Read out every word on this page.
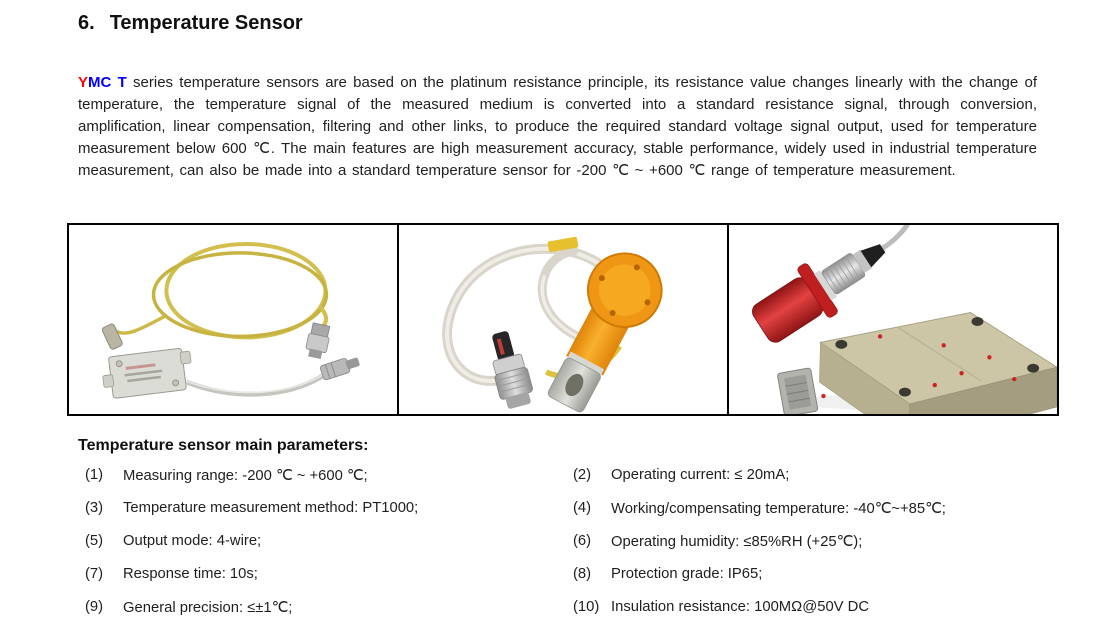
6. Temperature Sensor

YMC T series temperature sensors are based on the platinum resistance principle, its resistance value changes linearly with the change of temperature, the temperature signal of the measured medium is converted into a standard resistance signal, through conversion, amplification, linear compensation, filtering and other links, to produce the required standard voltage signal output, used for temperature measurement below 600 ℃. The main features are high measurement accuracy, stable performance, widely used in industrial temperature measurement, can also be made into a standard temperature sensor for -200 ℃ ~ +600 ℃ range of temperature measurement.

Temperature sensor main parameters:
(1)	Measuring range: -200 ℃ ~ +600 ℃;	(2)	Operating current: ≤ 20mA;
(3)	Temperature measurement method: PT1000;	(4)	Working/compensating temperature: -40℃~+85℃;
(5)	Output mode: 4-wire;	(6)	Operating humidity: ≤85%RH (+25℃);
(7)	Response time: 10s;	(8)	Protection grade: IP65;
(9)	General precision: ≤±1℃;	(10) Insulation resistance: 100MΩ@50V DC
